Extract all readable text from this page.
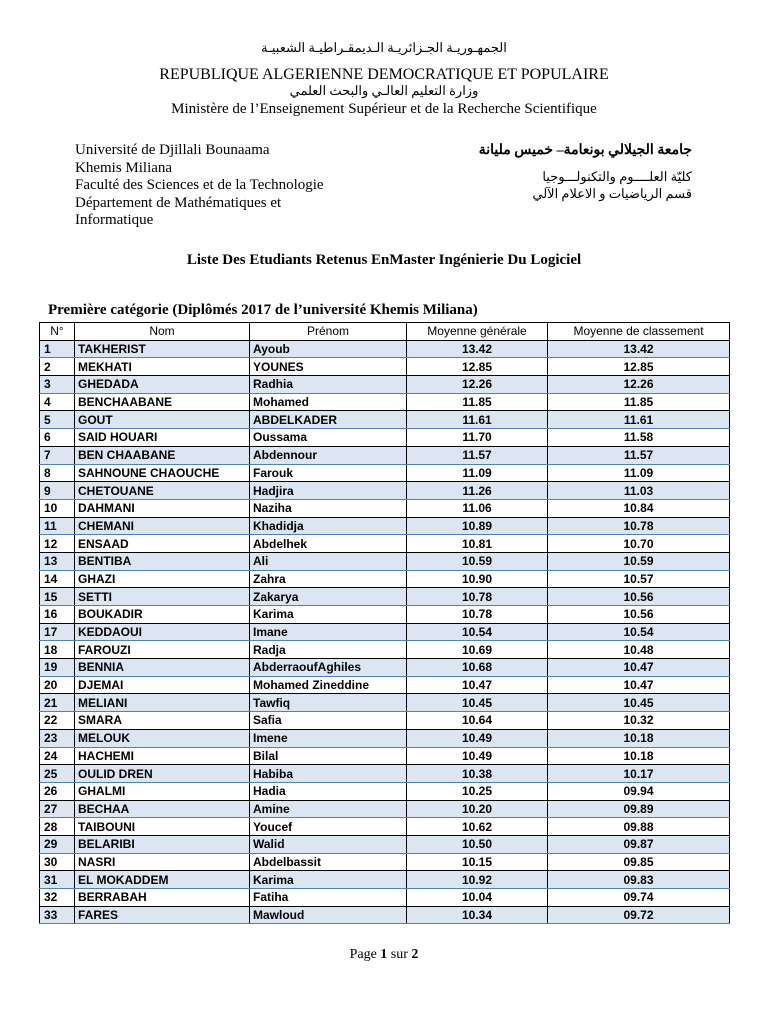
الجمهـوريـة الجـزائريـة الـديمقـراطيـة الشعبيـة
REPUBLIQUE ALGERIENNE DEMOCRATIQUE ET POPULAIRE
وزارة التعليم العالـي والبحث العلمي
Ministère de l’Enseignement Supérieur et de la Recherche Scientifique
Université de Djillali Bounaama
Khemis Miliana
Faculté des Sciences et de la Technologie
Département de Mathématiques et
Informatique
جامعة الجيلالي بونعامة– خميس مليانة
كليّة العلــــوم والتكنولـــوجيا
قسم الرياضيات و الاعلام الآلي
Liste Des Etudiants Retenus EnMaster Ingénierie Du Logiciel
Première catégorie (Diplômés 2017 de l’université Khemis Miliana)
N°	Nom	Prénom	Moyenne générale	Moyenne de classement
1	TAKHERIST	Ayoub	13.42	13.42
2	MEKHATI	YOUNES	12.85	12.85
3	GHEDADA	Radhia	12.26	12.26
4	BENCHAABANE	Mohamed	11.85	11.85
5	GOUT	ABDELKADER	11.61	11.61
6	SAID HOUARI	Oussama	11.70	11.58
7	BEN CHAABANE	Abdennour	11.57	11.57
8	SAHNOUNE CHAOUCHE	Farouk	11.09	11.09
9	CHETOUANE	Hadjira	11.26	11.03
10	DAHMANI	Naziha	11.06	10.84
11	CHEMANI	Khadidja	10.89	10.78
12	ENSAAD	Abdelhek	10.81	10.70
13	BENTIBA	Ali	10.59	10.59
14	GHAZI	Zahra	10.90	10.57
15	SETTI	Zakarya	10.78	10.56
16	BOUKADIR	Karima	10.78	10.56
17	KEDDAOUI	Imane	10.54	10.54
18	FAROUZI	Radja	10.69	10.48
19	BENNIA	AbderraoufAghiles	10.68	10.47
20	DJEMAI	Mohamed Zineddine	10.47	10.47
21	MELIANI	Tawfiq	10.45	10.45
22	SMARA	Safia	10.64	10.32
23	MELOUK	Imene	10.49	10.18
24	HACHEMI	Bilal	10.49	10.18
25	OULID DREN	Habiba	10.38	10.17
26	GHALMI	Hadia	10.25	09.94
27	BECHAA	Amine	10.20	09.89
28	TAIBOUNI	Youcef	10.62	09.88
29	BELARIBI	Walid	10.50	09.87
30	NASRI	Abdelbassit	10.15	09.85
31	EL MOKADDEM	Karima	10.92	09.83
32	BERRABAH	Fatiha	10.04	09.74
33	FARES	Mawloud	10.34	09.72
Page 1 sur 2
